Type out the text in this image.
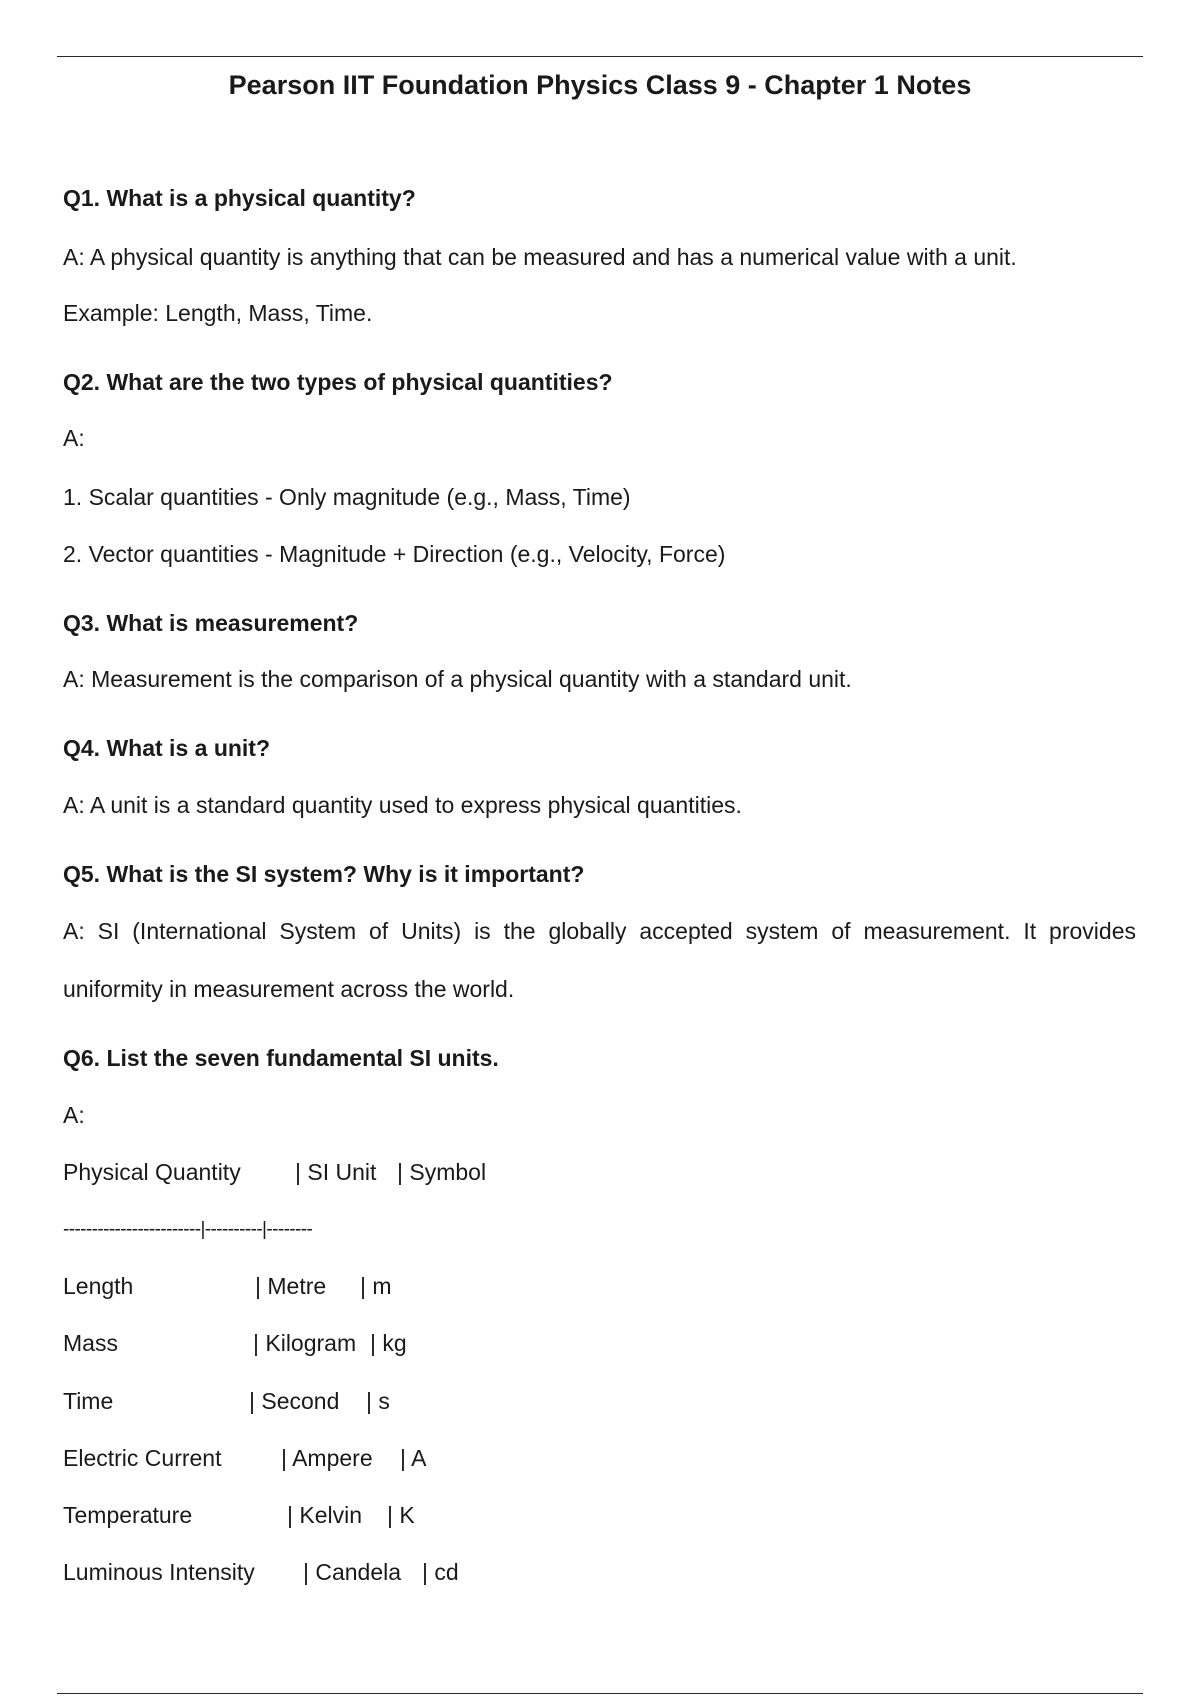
Pearson IIT Foundation Physics Class 9 - Chapter 1 Notes
Q1. What is a physical quantity?
A: A physical quantity is anything that can be measured and has a numerical value with a unit.
Example: Length, Mass, Time.
Q2. What are the two types of physical quantities?
A:
1. Scalar quantities - Only magnitude (e.g., Mass, Time)
2. Vector quantities - Magnitude + Direction (e.g., Velocity, Force)
Q3. What is measurement?
A: Measurement is the comparison of a physical quantity with a standard unit.
Q4. What is a unit?
A: A unit is a standard quantity used to express physical quantities.
Q5. What is the SI system? Why is it important?
A: SI (International System of Units) is the globally accepted system of measurement. It provides
uniformity in measurement across the world.
Q6. List the seven fundamental SI units.
A:
Physical Quantity | SI Unit | Symbol
------------------------|----------|--------
Length	| Metre | m
Mass	| Kilogram | kg
Time	| Second | s
Electric Current	| Ampere | A
Temperature	| Kelvin | K
Luminous Intensity | Candela | cd
